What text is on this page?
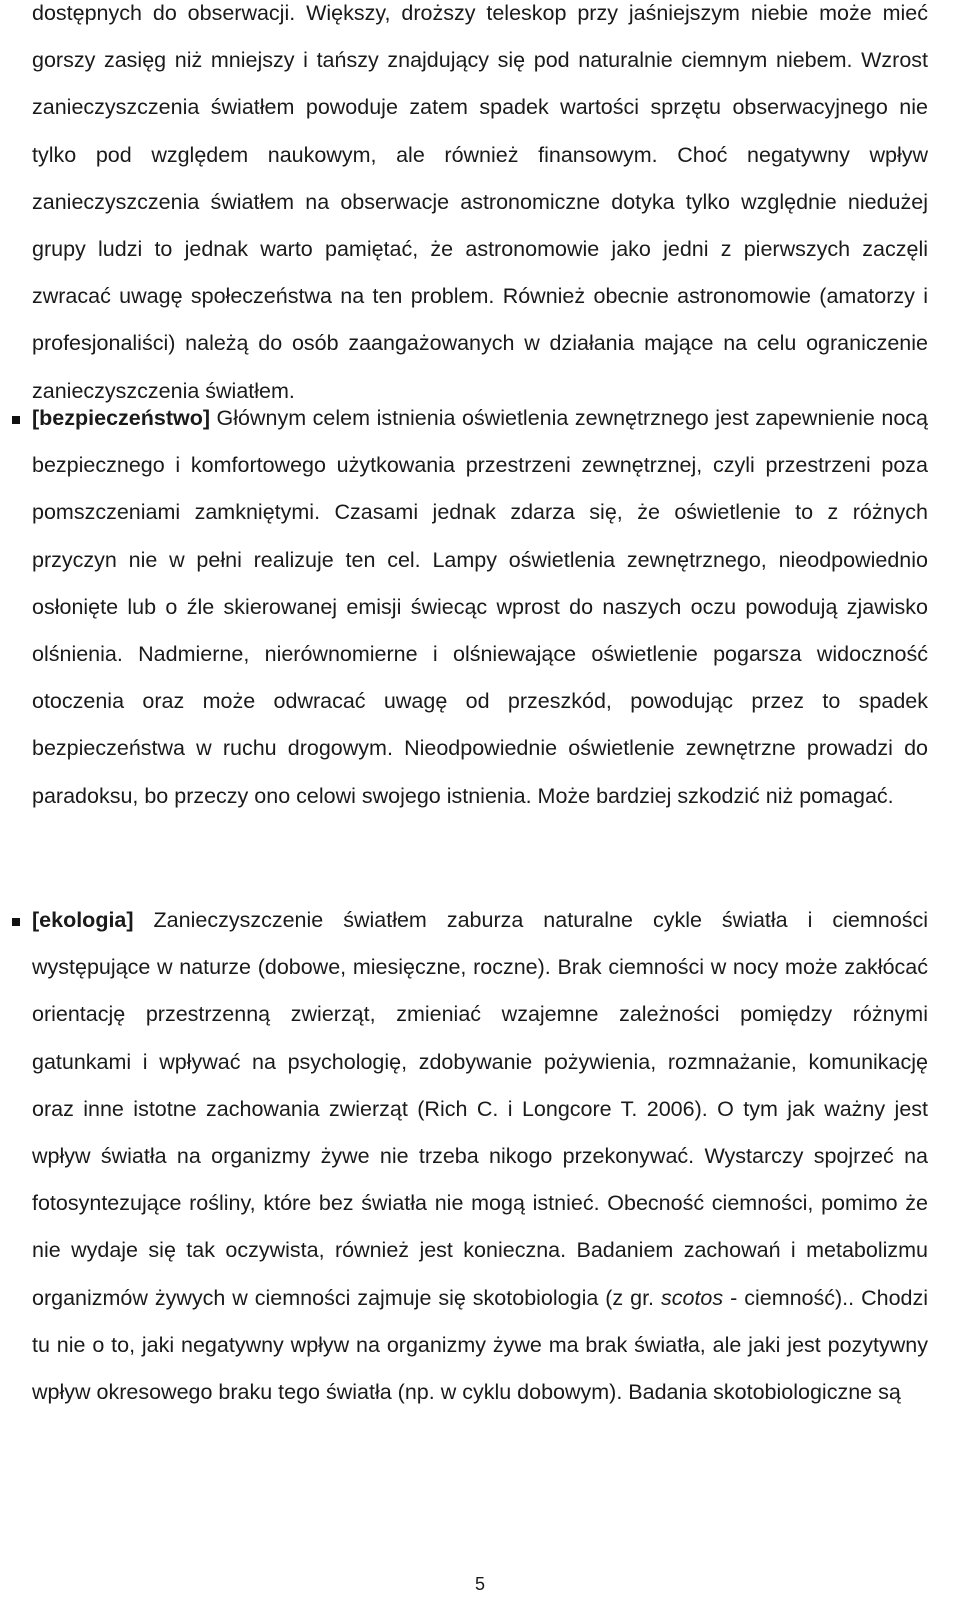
dostępnych do obserwacji. Większy, droższy teleskop przy jaśniejszym niebie może mieć gorszy zasięg niż mniejszy i tańszy znajdujący się pod naturalnie ciemnym niebem. Wzrost zanieczyszczenia światłem powoduje zatem spadek wartości sprzętu obserwacyjnego nie tylko pod względem naukowym, ale również finansowym. Choć negatywny wpływ zanieczyszczenia światłem na obserwacje astronomiczne dotyka tylko względnie niedużej grupy ludzi to jednak warto pamiętać, że astronomowie jako jedni z pierwszych zaczęli zwracać uwagę społeczeństwa na ten problem. Również obecnie astronomowie (amatorzy i profesjonaliści) należą do osób zaangażowanych w działania mające na celu ograniczenie zanieczyszczenia światłem.

[bezpieczeństwo] Głównym celem istnienia oświetlenia zewnętrznego jest zapewnienie nocą bezpiecznego i komfortowego użytkowania przestrzeni zewnętrznej, czyli przestrzeni poza pomszczeniami zamkniętymi. Czasami jednak zdarza się, że oświetlenie to z różnych przyczyn nie w pełni realizuje ten cel. Lampy oświetlenia zewnętrznego, nieodpowiednio osłonięte lub o źle skierowanej emisji świecąc wprost do naszych oczu powodują zjawisko olśnienia. Nadmierne, nierównomierne i olśniewające oświetlenie pogarsza widoczność otoczenia oraz może odwracać uwagę od przeszkód, powodując przez to spadek bezpieczeństwa w ruchu drogowym. Nieodpowiednie oświetlenie zewnętrzne prowadzi do paradoksu, bo przeczy ono celowi swojego istnienia. Może bardziej szkodzić niż pomagać.

[ekologia] Zanieczyszczenie światłem zaburza naturalne cykle światła i ciemności występujące w naturze (dobowe, miesięczne, roczne). Brak ciemności w nocy może zakłócać orientację przestrzenną zwierząt, zmieniać wzajemne zależności pomiędzy różnymi gatunkami i wpływać na psychologię, zdobywanie pożywienia, rozmnażanie, komunikację oraz inne istotne zachowania zwierząt (Rich C. i Longcore T. 2006). O tym jak ważny jest wpływ światła na organizmy żywe nie trzeba nikogo przekonywać. Wystarczy spojrzeć na fotosyntezujące rośliny, które bez światła nie mogą istnieć. Obecność ciemności, pomimo że nie wydaje się tak oczywista, również jest konieczna. Badaniem zachowań i metabolizmu organizmów żywych w ciemności zajmuje się skotobiologia (z gr. scotos - ciemność).. Chodzi tu nie o to, jaki negatywny wpływ na organizmy żywe ma brak światła, ale jaki jest pozytywny wpływ okresowego braku tego światła (np. w cyklu dobowym). Badania skotobiologiczne są

5
